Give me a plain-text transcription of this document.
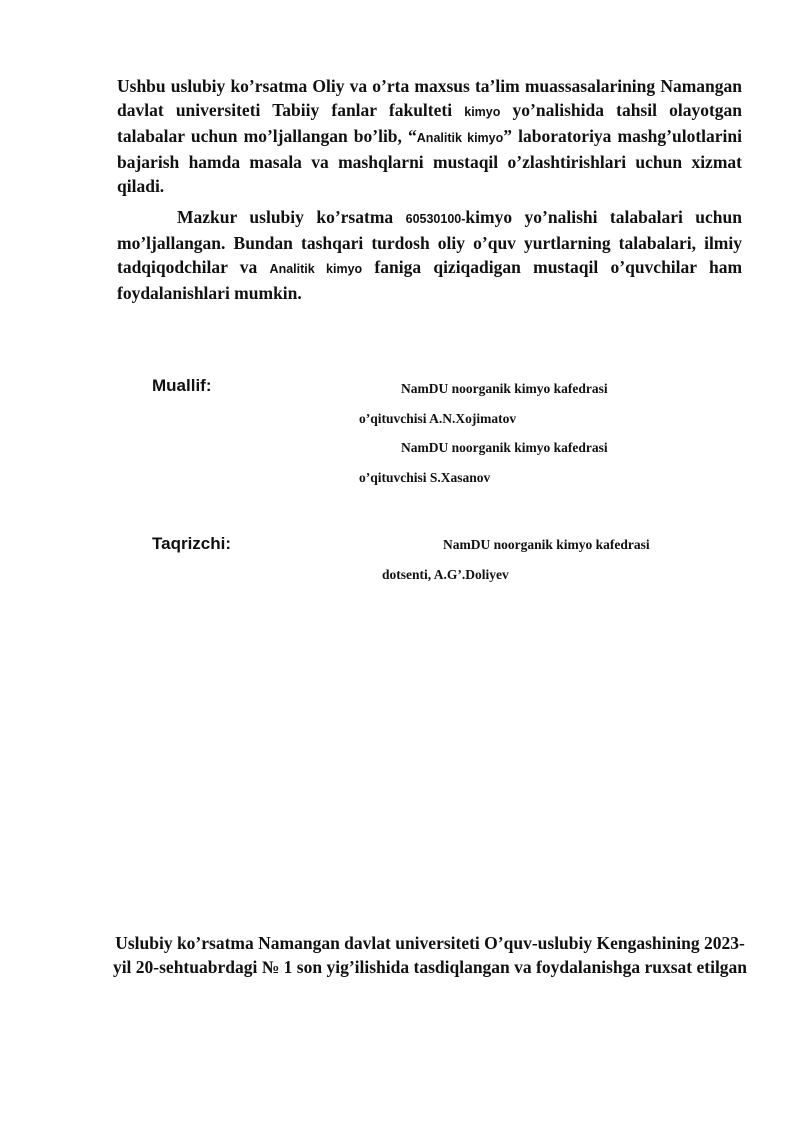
Ushbu uslubiy ko’rsatma Oliy va o’rta maxsus ta’lim muassasalarining Namangan davlat universiteti Tabiiy fanlar fakulteti kimyo yo’nalishida tahsil olayotgan talabalar uchun mo’ljallangan bo’lib, “Analitik kimyo” laboratoriya mashg’ulotlarini bajarish hamda masala va mashqlarni mustaqil o’zlashtirishlari uchun xizmat qiladi.

Mazkur uslubiy ko’rsatma 60530100-kimyo yo’nalishi talabalari uchun mo’ljallangan. Bundan tashqari turdosh oliy o’quv yurtlarning talabalari, ilmiy tadqiqodchilar va Analitik kimyo faniga qiziqadigan mustaqil o’quvchilar ham foydalanishlari mumkin.

Muallif:	NamDU noorganik kimyo kafedrasi

o’qituvchisi A.N.Xojimatov

NamDU noorganik kimyo kafedrasi

o’qituvchisi S.Xasanov

Taqrizchi:	NamDU noorganik kimyo kafedrasi

dotsenti, A.G’.Doliyev

Uslubiy ko’rsatma Namangan davlat universiteti O’quv-uslubiy Kengashining 2023-yil 20-sehtuabrdagi № 1 son yig’ilishida tasdiqlangan va foydalanishga ruxsat etilgan
